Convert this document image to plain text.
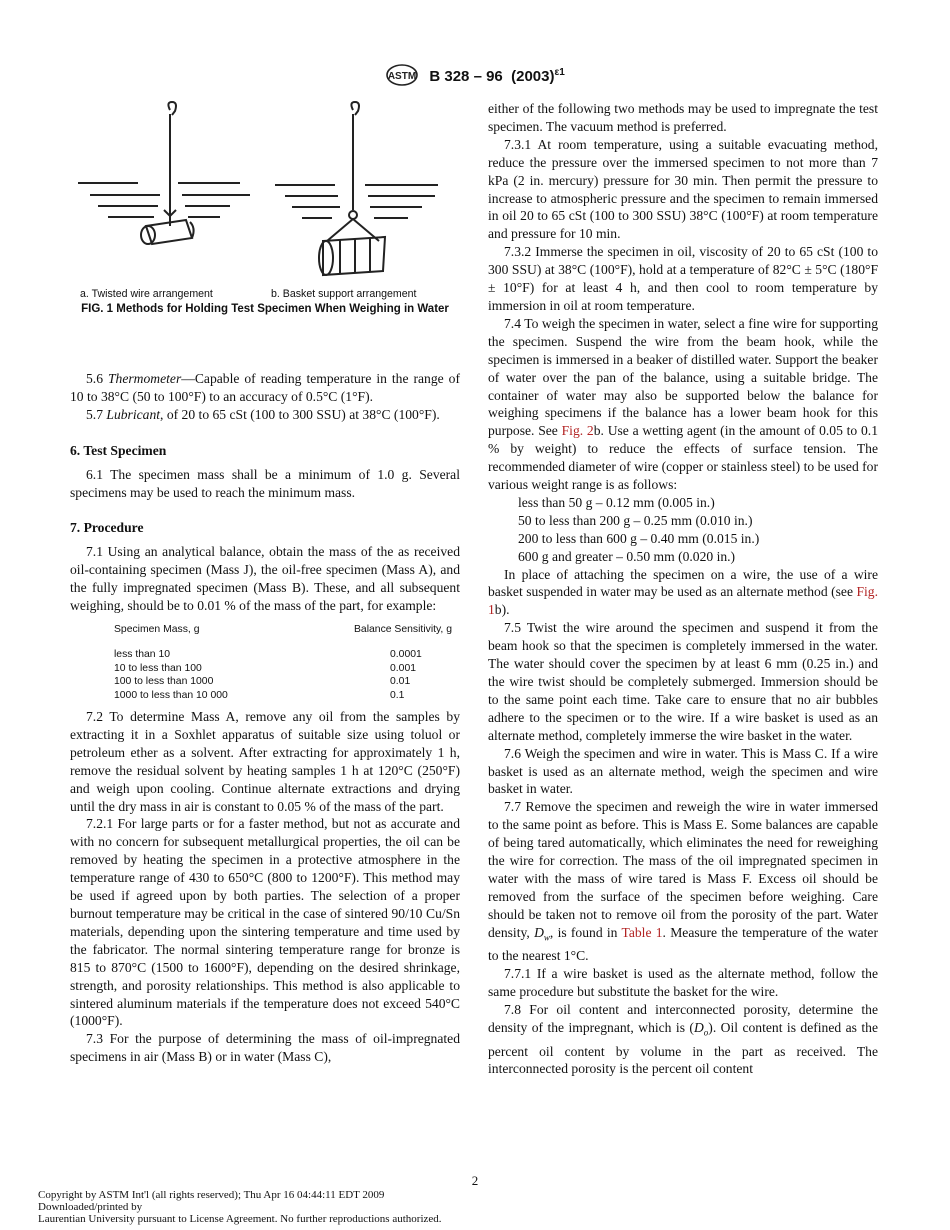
ASTM B 328 – 96 $(2003)^{\varepsilon 1}$
a. Twisted wire arrangement	b. Basket support arrangement
FIG. 1 Methods for Holding Test Specimen When Weighing in Water

5.6 Thermometer—Capable of reading temperature in the range of 10 to 38°C (50 to 100°F) to an accuracy of 0.5°C (1°F).

5.7 Lubricant, of 20 to 65 cSt (100 to 300 SSU) at 38°C (100°F).

6. Test Specimen

6.1 The specimen mass shall be a minimum of 1.0 g. Several specimens may be used to reach the minimum mass.

7. Procedure

7.1 Using an analytical balance, obtain the mass of the as received oil-containing specimen (Mass J), the oil-free specimen (Mass A), and the fully impregnated specimen (Mass B). These, and all subsequent weighing, should be to 0.01 % of the mass of the part, for example:

Specimen Mass, g	Balance Sensitivity, g
less than 10	0.0001
10 to less than 100	0.001
100 to less than 1000	0.01
1000 to less than 10 000	0.1

7.2 To determine Mass A, remove any oil from the samples by extracting it in a Soxhlet apparatus of suitable size using toluol or petroleum ether as a solvent. After extracting for approximately 1 h, remove the residual solvent by heating samples 1 h at 120°C (250°F) and weigh upon cooling. Continue alternate extractions and drying until the dry mass in air is constant to 0.05 % of the mass of the part.

7.2.1 For large parts or for a faster method, but not as accurate and with no concern for subsequent metallurgical properties, the oil can be removed by heating the specimen in a protective atmosphere in the temperature range of 430 to 650°C (800 to 1200°F). This method may be used if agreed upon by both parties. The selection of a proper burnout temperature may be critical in the case of sintered 90/10 Cu/Sn materials, depending upon the sintering temperature and time used by the fabricator. The normal sintering temperature range for bronze is 815 to 870°C (1500 to 1600°F), depending on the desired shrinkage, strength, and porosity relationships. This method is also applicable to sintered aluminum materials if the temperature does not exceed 540°C (1000°F).

7.3 For the purpose of determining the mass of oil-impregnated specimens in air (Mass B) or in water (Mass C),

either of the following two methods may be used to impregnate the test specimen. The vacuum method is preferred.

7.3.1 At room temperature, using a suitable evacuating method, reduce the pressure over the immersed specimen to not more than 7 kPa (2 in. mercury) pressure for 30 min. Then permit the pressure to increase to atmospheric pressure and the specimen to remain immersed in oil 20 to 65 cSt (100 to 300 SSU) 38°C (100°F) at room temperature and pressure for 10 min.

7.3.2 Immerse the specimen in oil, viscosity of 20 to 65 cSt (100 to 300 SSU) at 38°C (100°F), hold at a temperature of 82°C ± 5°C (180°F ± 10°F) for at least 4 h, and then cool to room temperature by immersion in oil at room temperature.

7.4 To weigh the specimen in water, select a fine wire for supporting the specimen. Suspend the wire from the beam hook, while the specimen is immersed in a beaker of distilled water. Support the beaker of water over the pan of the balance, using a suitable bridge. The container of water may also be supported below the balance for weighing specimens if the balance has a lower beam hook for this purpose. See Fig. 2b. Use a wetting agent (in the amount of 0.05 to 0.1 % by weight) to reduce the effects of surface tension. The recommended diameter of wire (copper or stainless steel) to be used for various weight range is as follows:

less than 50 g – 0.12 mm (0.005 in.)

50 to less than 200 g – 0.25 mm (0.010 in.)

200 to less than 600 g – 0.40 mm (0.015 in.)

600 g and greater – 0.50 mm (0.020 in.)

In place of attaching the specimen on a wire, the use of a wire basket suspended in water may be used as an alternate method (see Fig. 1b).

7.5 Twist the wire around the specimen and suspend it from the beam hook so that the specimen is completely immersed in the water. The water should cover the specimen by at least 6 mm (0.25 in.) and the wire twist should be completely submerged. Immersion should be to the same point each time. Take care to ensure that no air bubbles adhere to the specimen or to the wire. If a wire basket is used as an alternate method, completely immerse the wire basket in the water.

7.6 Weigh the specimen and wire in water. This is Mass C. If a wire basket is used as an alternate method, weigh the specimen and wire basket in water.

7.7 Remove the specimen and reweigh the wire in water immersed to the same point as before. This is Mass E. Some balances are capable of being tared automatically, which eliminates the need for reweighing the wire for correction. The mass of the oil impregnated specimen in water with the mass of wire tared is Mass F. Excess oil should be removed from the surface of the specimen before weighing. Care should be taken not to remove oil from the porosity of the part. Water density, $D_w$, is found in Table 1. Measure the temperature of the water to the nearest 1°C.

7.7.1 If a wire basket is used as the alternate method, follow the same procedure but substitute the basket for the wire.

7.8 For oil content and interconnected porosity, determine the density of the impregnant, which is $(D_o)$. Oil content is defined as the percent oil content by volume in the part as received. The interconnected porosity is the percent oil content

2
Copyright by ASTM Int'l (all rights reserved); Thu Apr 16 04:44:11 EDT 2009
Downloaded/printed by
Laurentian University pursuant to License Agreement. No further reproductions authorized.
